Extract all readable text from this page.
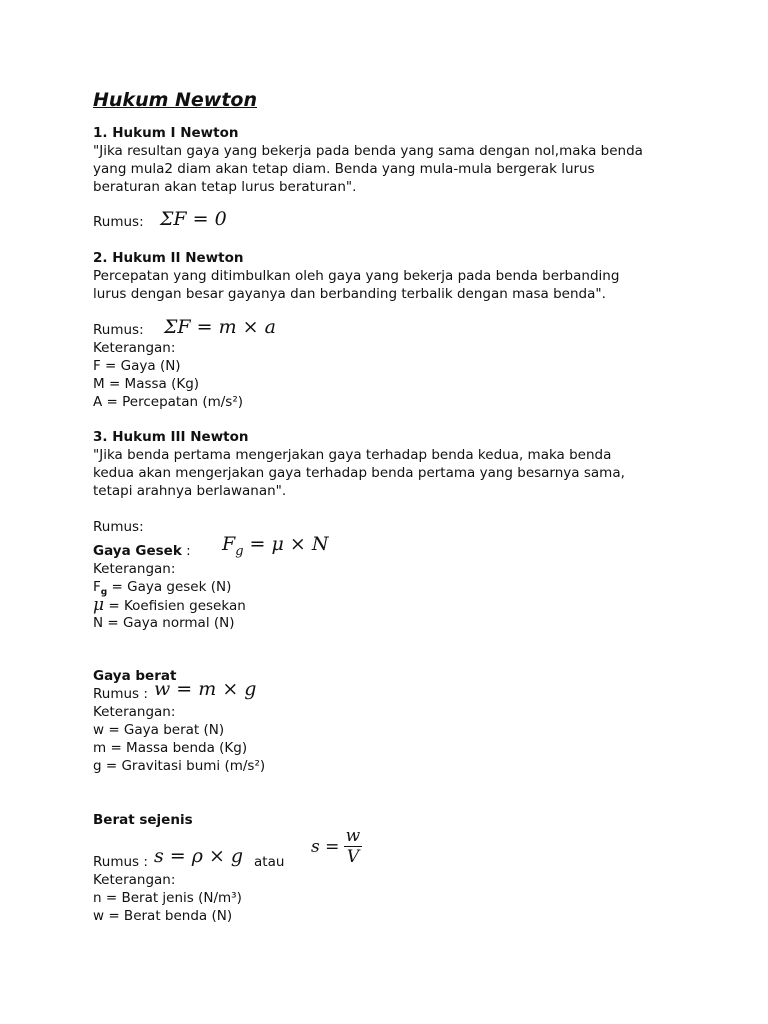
Hukum Newton
1. Hukum I Newton
"Jika resultan gaya yang bekerja pada benda yang sama dengan nol,maka benda
yang mula2 diam akan tetap diam. Benda yang mula-mula bergerak lurus
beraturan akan tetap lurus beraturan".
Rumus: ΣF = 0
2. Hukum II Newton
Percepatan yang ditimbulkan oleh gaya yang bekerja pada benda berbanding
lurus dengan besar gayanya dan berbanding terbalik dengan masa benda".
Rumus:	ΣF = m × a
Keterangan:
F = Gaya (N)
M = Massa (Kg)
A = Percepatan (m/s²)
3. Hukum III Newton
"Jika benda pertama mengerjakan gaya terhadap benda kedua, maka benda
kedua akan mengerjakan gaya terhadap benda pertama yang besarnya sama,
tetapi arahnya berlawanan".
Rumus:
Gaya Gesek :	$F_g = \mu \times N$
Keterangan:
$F_g$ = Gaya gesek (N)
μ = Koefisien gesekan
N = Gaya normal (N)
Gaya berat
Rumus :
Keterangan:
w = Gaya berat (N)
m = Massa benda (Kg)
g = Gravitasi bumi (m/s²)
w = m × g
Berat sejenis
Rumus : s = ρ × g atau
$s = \frac{w}{V}$
Keterangan:
n = Berat jenis (N/m³)
w = Berat benda (N)
